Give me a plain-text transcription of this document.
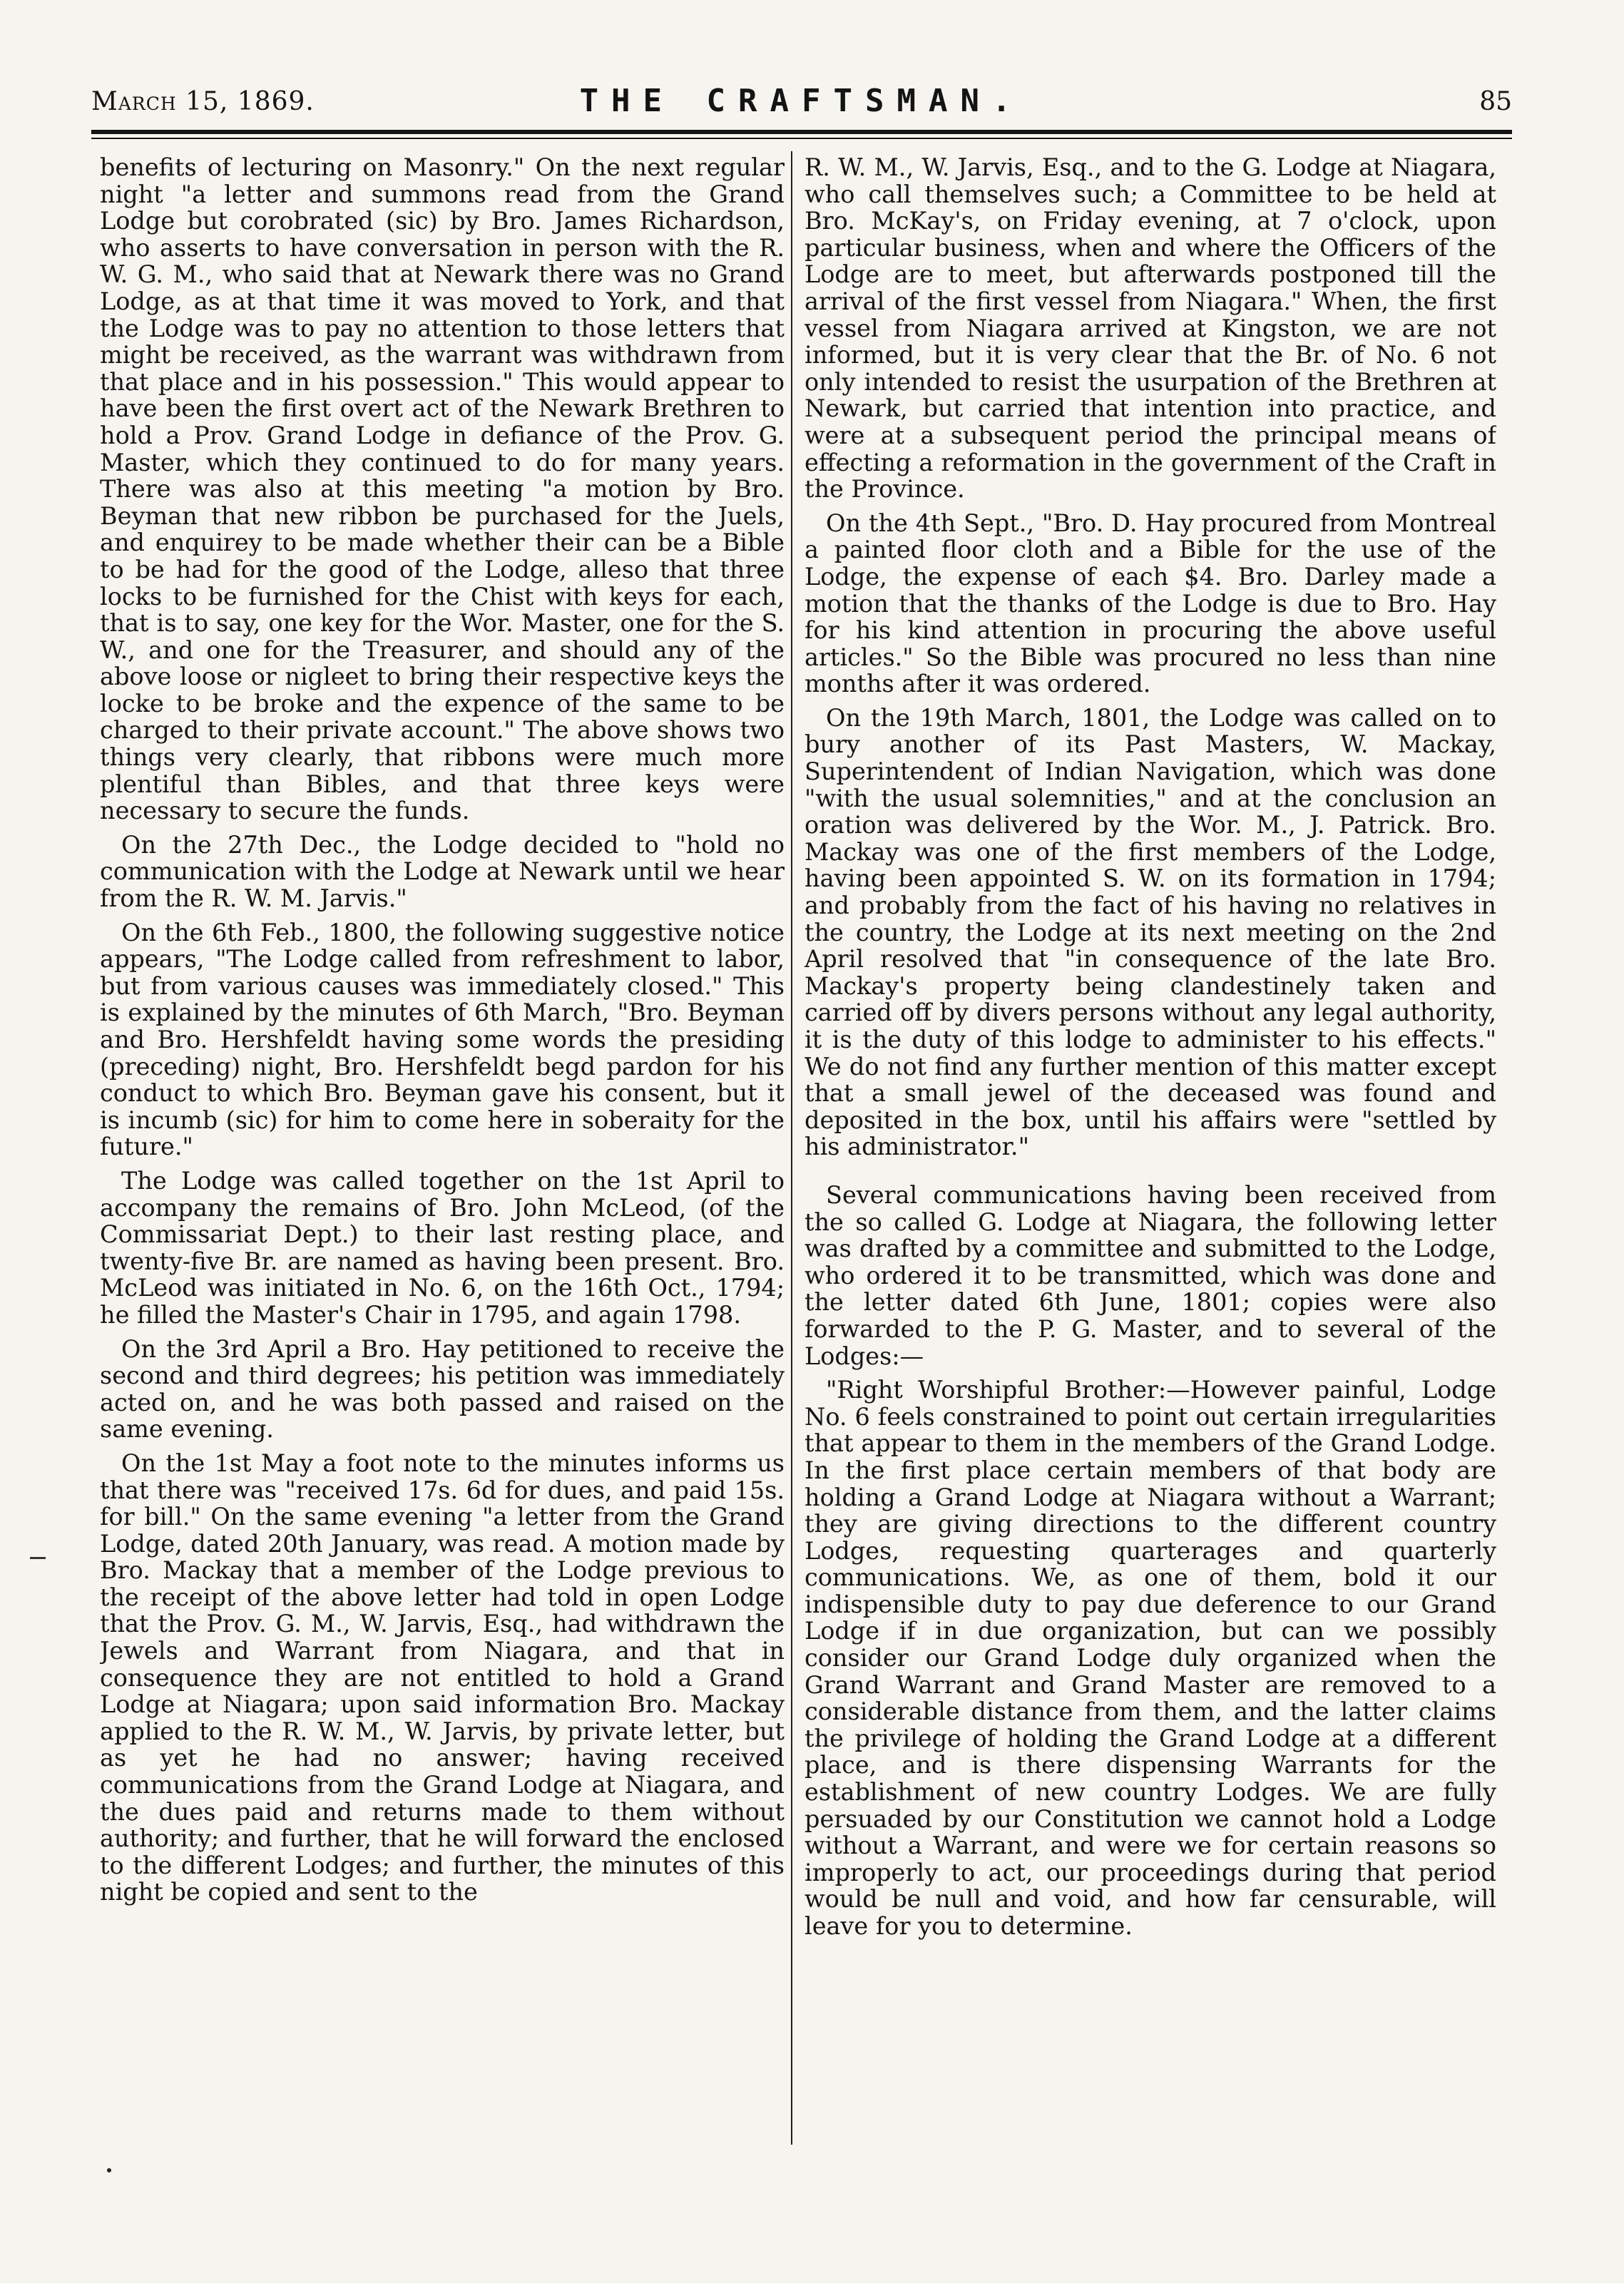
March 15, 1869.	THE CRAFTSMAN.	85

benefits of lecturing on Masonry." On the next regular night "a letter and summons read from the Grand Lodge but corobrated (sic) by Bro. James Richardson, who asserts to have conversation in person with the R. W. G. M., who said that at Newark there was no Grand Lodge, as at that time it was moved to York, and that the Lodge was to pay no attention to those letters that might be received, as the warrant was withdrawn from that place and in his possession." This would appear to have been the first overt act of the Newark Brethren to hold a Prov. Grand Lodge in defiance of the Prov. G. Master, which they continued to do for many years. There was also at this meeting "a motion by Bro. Beyman that new ribbon be purchased for the Juels, and enquirey to be made whether their can be a Bible to be had for the good of the Lodge, alleso that three locks to be furnished for the Chist with keys for each, that is to say, one key for the Wor. Master, one for the S. W., and one for the Treasurer, and should any of the above loose or nigleet to bring their respective keys the locke to be broke and the expence of the same to be charged to their private account." The above shows two things very clearly, that ribbons were much more plentiful than Bibles, and that three keys were necessary to secure the funds.

On the 27th Dec., the Lodge decided to "hold no communication with the Lodge at Newark until we hear from the R. W. M. Jarvis."

On the 6th Feb., 1800, the following suggestive notice appears, "The Lodge called from refreshment to labor, but from various causes was immediately closed." This is explained by the minutes of 6th March, "Bro. Beyman and Bro. Hershfeldt having some words the presiding (preceding) night, Bro. Hershfeldt begd pardon for his conduct to which Bro. Beyman gave his consent, but it is incumb (sic) for him to come here in soberaity for the future."

The Lodge was called together on the 1st April to accompany the remains of Bro. John McLeod, (of the Commissariat Dept.) to their last resting place, and twenty-five Br. are named as having been present. Bro. McLeod was initiated in No. 6, on the 16th Oct., 1794; he filled the Master's Chair in 1795, and again 1798.

On the 3rd April a Bro. Hay petitioned to receive the second and third degrees; his petition was immediately acted on, and he was both passed and raised on the same evening.

On the 1st May a foot note to the minutes informs us that there was "received 17s. 6d for dues, and paid 15s. for bill." On the same evening "a letter from the Grand Lodge, dated 20th January, was read. A motion made by Bro. Mackay that a member of the Lodge previous to the receipt of the above letter had told in open Lodge that the Prov. G. M., W. Jarvis, Esq., had withdrawn the Jewels and Warrant from Niagara, and that in consequence they are not entitled to hold a Grand Lodge at Niagara; upon said information Bro. Mackay applied to the R. W. M., W. Jarvis, by private letter, but as yet he had no answer; having received communications from the Grand Lodge at Niagara, and the dues paid and returns made to them without authority; and further, that he will forward the enclosed to the different Lodges; and further, the minutes of this night be copied and sent to the

R. W. M., W. Jarvis, Esq., and to the G. Lodge at Niagara, who call themselves such; a Committee to be held at Bro. McKay's, on Friday evening, at 7 o'clock, upon particular business, when and where the Officers of the Lodge are to meet, but afterwards postponed till the arrival of the first vessel from Niagara." When, the first vessel from Niagara arrived at Kingston, we are not informed, but it is very clear that the Br. of No. 6 not only intended to resist the usurpation of the Brethren at Newark, but carried that intention into practice, and were at a subsequent period the principal means of effecting a reformation in the government of the Craft in the Province.

On the 4th Sept., "Bro. D. Hay procured from Montreal a painted floor cloth and a Bible for the use of the Lodge, the expense of each $4. Bro. Darley made a motion that the thanks of the Lodge is due to Bro. Hay for his kind attention in procuring the above useful articles." So the Bible was procured no less than nine months after it was ordered.

On the 19th March, 1801, the Lodge was called on to bury another of its Past Masters, W. Mackay, Superintendent of Indian Navigation, which was done "with the usual solemnities," and at the conclusion an oration was delivered by the Wor. M., J. Patrick. Bro. Mackay was one of the first members of the Lodge, having been appointed S. W. on its formation in 1794; and probably from the fact of his having no relatives in the country, the Lodge at its next meeting on the 2nd April resolved that "in consequence of the late Bro. Mackay's property being clandestinely taken and carried off by divers persons without any legal authority, it is the duty of this lodge to administer to his effects." We do not find any further mention of this matter except that a small jewel of the deceased was found and deposited in the box, until his affairs were "settled by his administrator."

Several communications having been received from the so called G. Lodge at Niagara, the following letter was drafted by a committee and submitted to the Lodge, who ordered it to be transmitted, which was done and the letter dated 6th June, 1801; copies were also forwarded to the P. G. Master, and to several of the Lodges:—

"Right Worshipful Brother:—However painful, Lodge No. 6 feels constrained to point out certain irregularities that appear to them in the members of the Grand Lodge. In the first place certain members of that body are holding a Grand Lodge at Niagara without a Warrant; they are giving directions to the different country Lodges, requesting quarterages and quarterly communications. We, as one of them, bold it our indispensible duty to pay due deference to our Grand Lodge if in due organization, but can we possibly consider our Grand Lodge duly organized when the Grand Warrant and Grand Master are removed to a considerable distance from them, and the latter claims the privilege of holding the Grand Lodge at a different place, and is there dispensing Warrants for the establishment of new country Lodges. We are fully persuaded by our Constitution we cannot hold a Lodge without a Warrant, and were we for certain reasons so improperly to act, our proceedings during that period would be null and void, and how far censurable, will leave for you to determine.
